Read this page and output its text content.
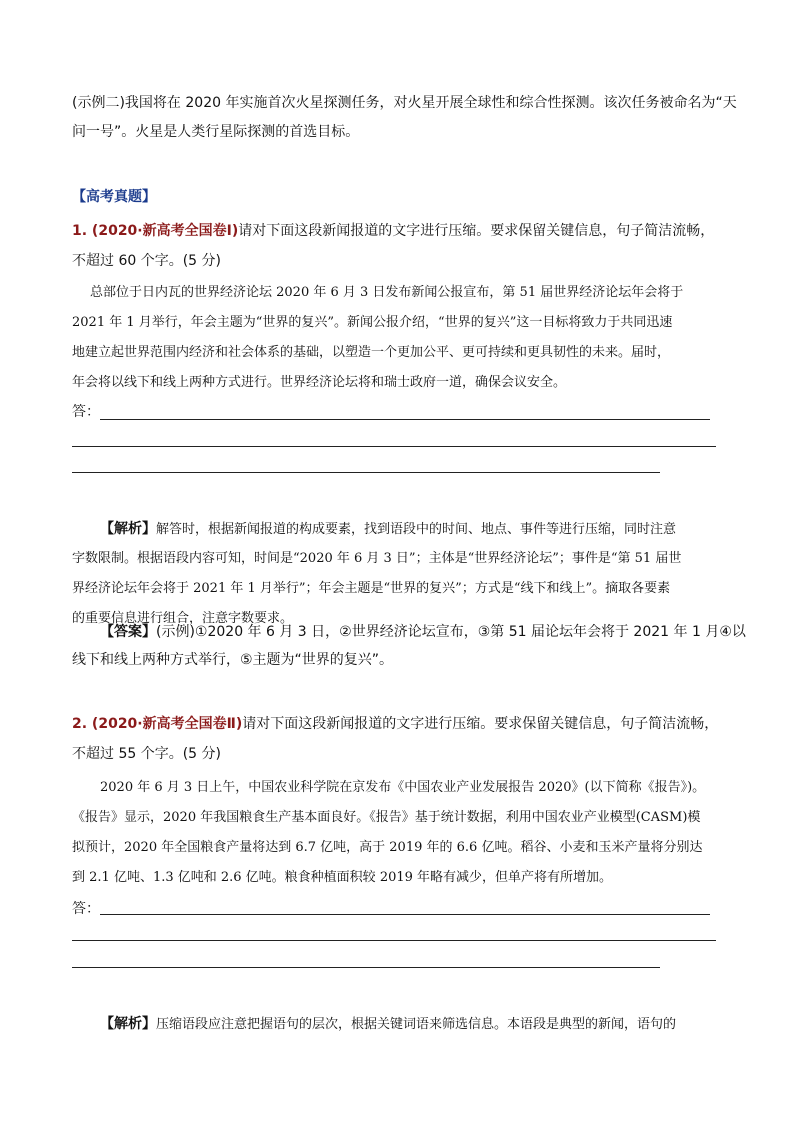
(示例二)我国将在 2020 年实施首次火星探测任务，对火星开展全球性和综合性探测。该次任务被命名为“天
问一号”。火星是人类行星际探测的首选目标。
【高考真题】
1. (2020·新高考全国卷Ⅰ)请对下面这段新闻报道的文字进行压缩。要求保留关键信息，句子简洁流畅，
不超过 60 个字。(5 分)
总部位于日内瓦的世界经济论坛 2020 年 6 月 3 日发布新闻公报宣布，第 51 届世界经济论坛年会将于
2021 年 1 月举行，年会主题为“世界的复兴”。新闻公报介绍，“世界的复兴”这一目标将致力于共同迅速
地建立起世界范围内经济和社会体系的基础，以塑造一个更加公平、更可持续和更具韧性的未来。届时，
年会将以线下和线上两种方式进行。世界经济论坛将和瑞士政府一道，确保会议安全。
答：
【解析】解答时，根据新闻报道的构成要素，找到语段中的时间、地点、事件等进行压缩，同时注意
字数限制。根据语段内容可知，时间是“2020 年 6 月 3 日”；主体是“世界经济论坛”；事件是“第 51 届世
界经济论坛年会将于 2021 年 1 月举行”；年会主题是“世界的复兴”；方式是“线下和线上”。摘取各要素
的重要信息进行组合，注意字数要求。
【答案】(示例)①2020 年 6 月 3 日，②世界经济论坛宣布，③第 51 届论坛年会将于 2021 年 1 月④以
线下和线上两种方式举行，⑤主题为“世界的复兴”。
2. (2020·新高考全国卷Ⅱ)请对下面这段新闻报道的文字进行压缩。要求保留关键信息，句子简洁流畅，
不超过 55 个字。(5 分)
2020 年 6 月 3 日上午，中国农业科学院在京发布《中国农业产业发展报告 2020》(以下简称《报告》)。
《报告》显示，2020 年我国粮食生产基本面良好。《报告》基于统计数据，利用中国农业产业模型(CASM)模
拟预计，2020 年全国粮食产量将达到 6.7 亿吨，高于 2019 年的 6.6 亿吨。稻谷、小麦和玉米产量将分别达
到 2.1 亿吨、1.3 亿吨和 2.6 亿吨。粮食种植面积较 2019 年略有减少，但单产将有所增加。
答：
【解析】压缩语段应注意把握语句的层次，根据关键词语来筛选信息。本语段是典型的新闻，语句的
